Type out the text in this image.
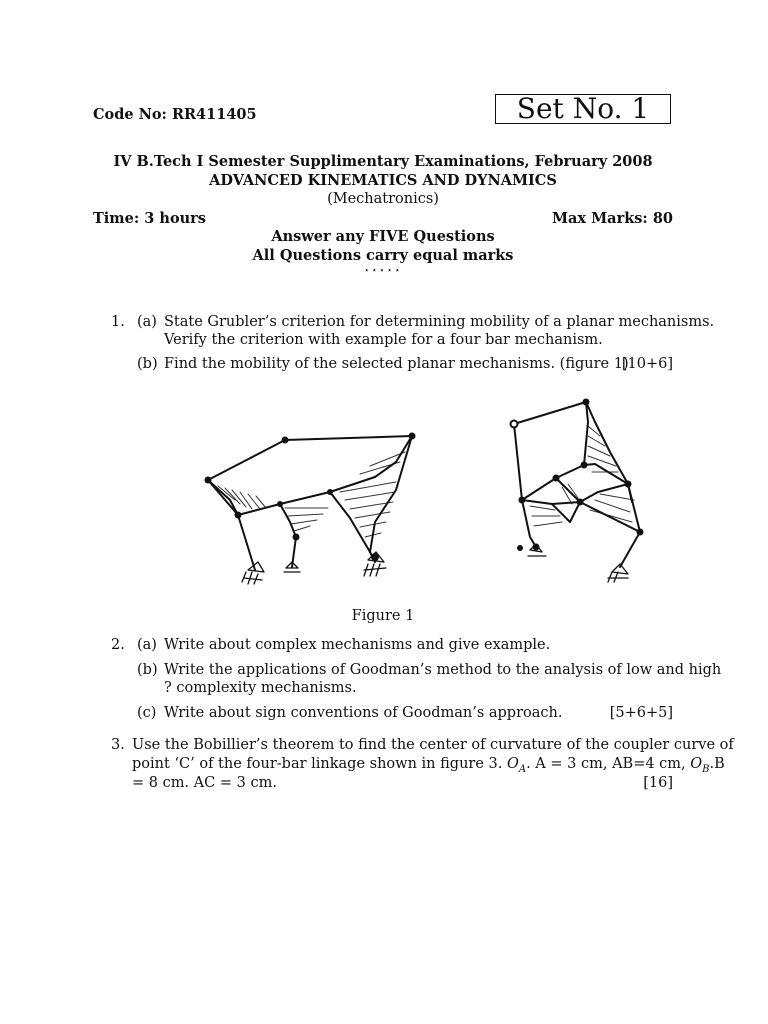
Code No: RR411405	Set No. 1
IV B.Tech I Semester Supplimentary Examinations, February 2008
ADVANCED KINEMATICS AND DYNAMICS
(Mechatronics)
Time: 3 hours	Max Marks: 80
Answer any FIVE Questions
All Questions carry equal marks
⋆⋆⋆⋆⋆
1. (a) State Grubler’s criterion for determining mobility of a planar mechanisms.
Verify the criterion with example for a four bar mechanism.
(b) Find the mobility of the selected planar mechanisms. (figure 1)
[10+6]
Figure 1
2. (a) Write about complex mechanisms and give example.
(b) Write the applications of Goodman’s method to the analysis of low and high
? complexity mechanisms.
(c) Write about sign conventions of Goodman’s approach.	[5+6+5]
3. Use the Bobillier’s theorem to find the center of curvature of the coupler curve of
point ‘C’ of the four-bar linkage shown in figure 3. $O_A$. A = 3 cm, AB=4 cm, $O_B.B$
= 8 cm. AC = 3 cm.	[16]
